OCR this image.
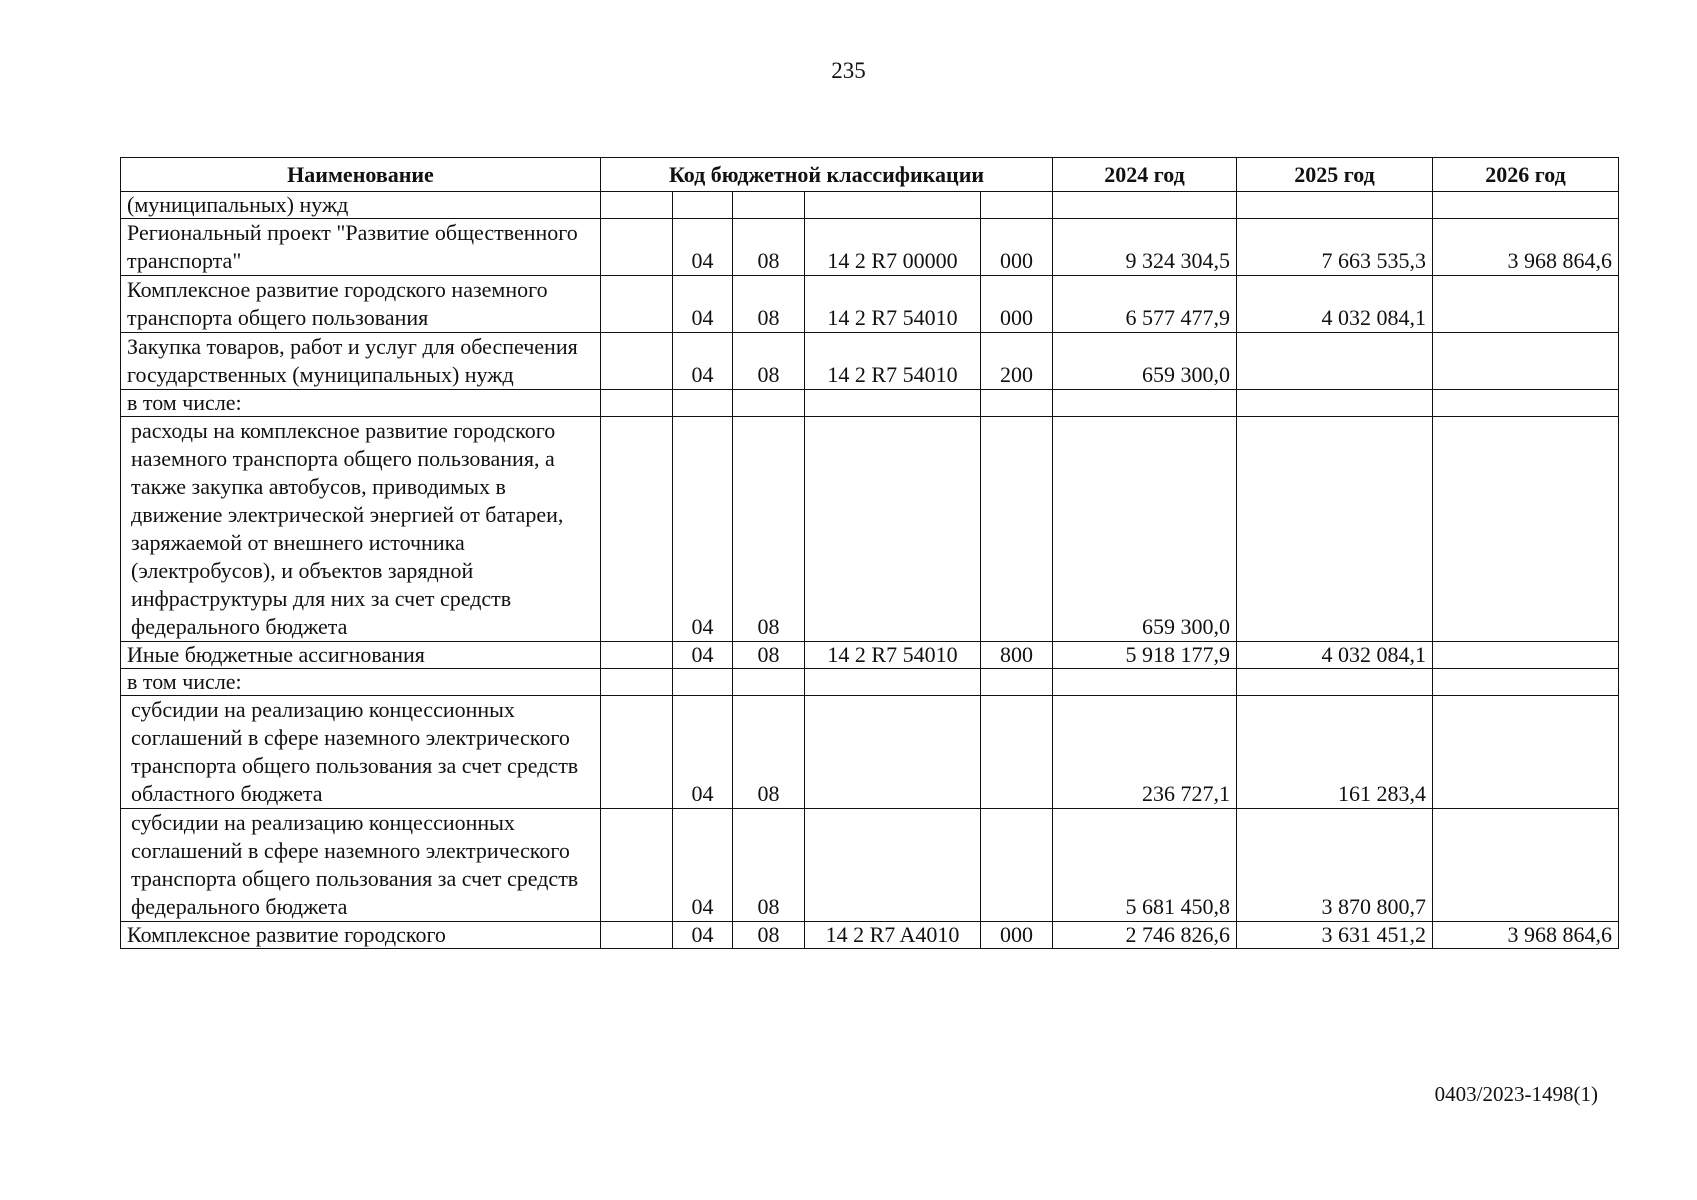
235
Наименование	Код бюджетной классификации					2024 год	2025 год	2026 год
(муниципальных) нужд								
Региональный проект "Развитие общественного транспорта"		04	08	14 2 R7 00000	000	9 324 304,5	7 663 535,3	3 968 864,6
Комплексное развитие городского наземного транспорта общего пользования		04	08	14 2 R7 54010	000	6 577 477,9	4 032 084,1	
Закупка товаров, работ и услуг для обеспечения государственных (муниципальных) нужд		04	08	14 2 R7 54010	200	659 300,0		
в том числе:								
расходы на комплексное развитие городского наземного транспорта общего пользования, а также закупка автобусов, приводимых в движение электрической энергией от батареи, заряжаемой от внешнего источника (электробусов), и объектов зарядной инфраструктуры для них за счет средств федерального бюджета		04	08			659 300,0		
Иные бюджетные ассигнования		04	08	14 2 R7 54010	800	5 918 177,9	4 032 084,1	
в том числе:								
субсидии на реализацию концессионных соглашений в сфере наземного электрического транспорта общего пользования за счет средств областного бюджета		04	08			236 727,1	161 283,4	
субсидии на реализацию концессионных соглашений в сфере наземного электрического транспорта общего пользования за счет средств федерального бюджета		04	08			5 681 450,8	3 870 800,7	
Комплексное развитие городского		04	08	14 2 R7 A4010	000	2 746 826,6	3 631 451,2	3 968 864,6
0403/2023-1498(1)
